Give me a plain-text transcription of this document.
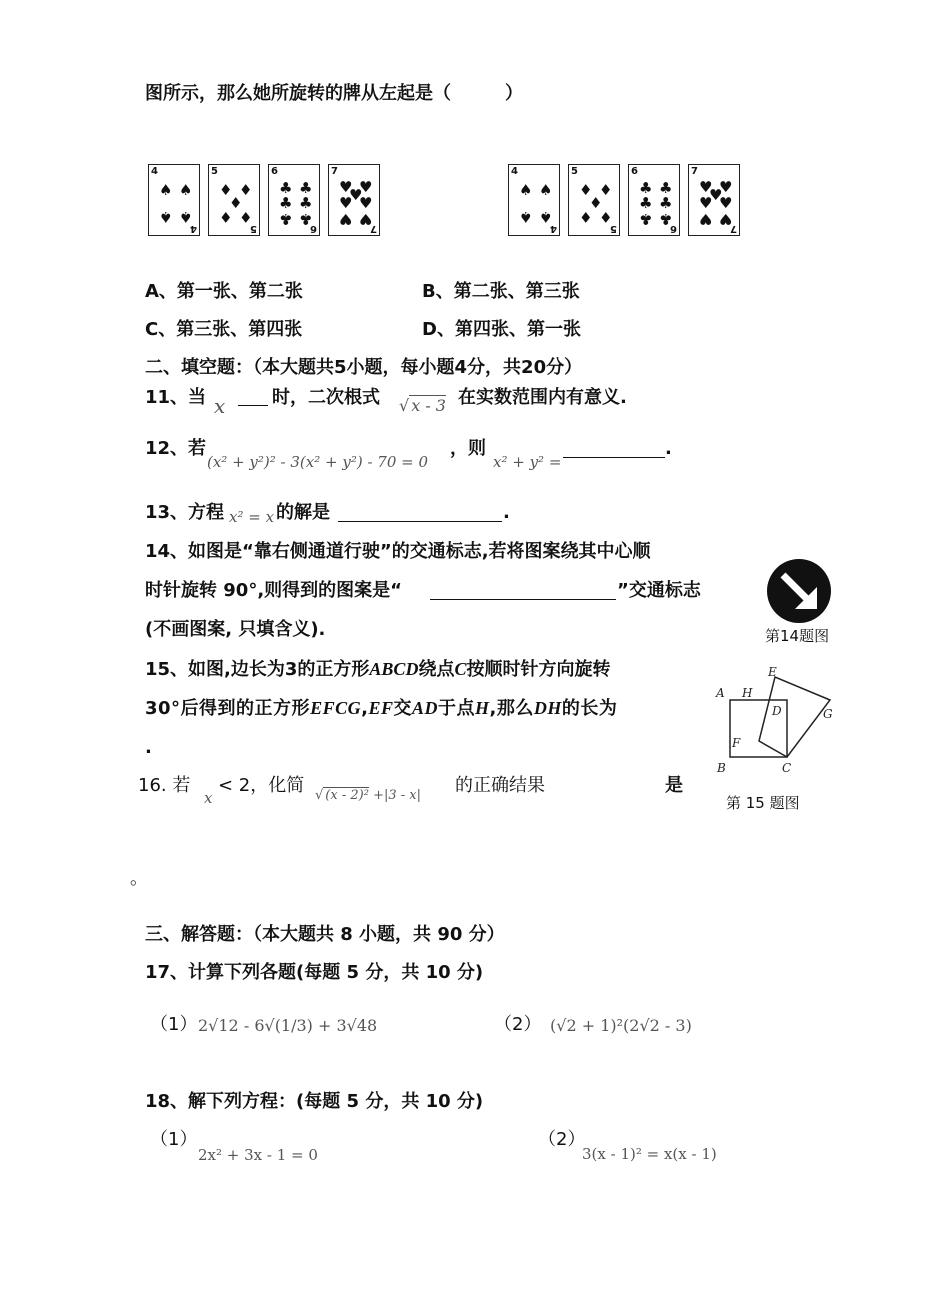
图所示，那么她所旋转的牌从左起是（　　　）
4
4
♠ ♠
♠ ♠
5
5
♦ ♦
♦
♦ ♦
6
6
♣ ♣
♣ ♣
♣ ♣
7
7
♥ ♥
♥
♥ ♥
♥ ♥
4
4
♠ ♠
♠ ♠
5
5
♦ ♦
♦
♦ ♦
6
6
♣ ♣
♣ ♣
♣ ♣
7
7
♥ ♥
♥
♥ ♥
♥ ♥
A、第一张、第二张	B、第二张、第三张
C、第三张、第四张	D、第四张、第一张
二、填空题：（本大题共5小题，每小题4分，共20分）
11、当 x	时，二次根式 √ x - 3 在实数范围内有意义.
12、若
(x² + y²)² - 3(x² + y²) - 70 = 0
，则
x² + y² =
.
13、方程 x² = x 的解是	.
14、如图是“靠右侧通道行驶”的交通标志,若将图案绕其中心顺
时针旋转 90°,则得到的图案是“	”交通标志
(不画图案, 只填含义).	第14题图
15、如图,边长为3的正方形ABCD绕点C按顺时针方向旋转
30°后得到的正方形EFCG,EF交AD于点H,那么DH的长为
.
A H
E
D	G
F
B	C
第 15 题图
16. 若
x
< 2，化简 √ (x - 2)² +|3 - x| 的正确结果	是
。
三、解答题：（本大题共 8 小题，共 90 分）
17、计算下列各题(每题 5 分，共 10 分)
（1） 2√12 - 6√(1/3) + 3√48	（2） (√2 + 1)²(2√2 - 3)
18、解下列方程：(每题 5 分，共 10 分)
（1）
2x² + 3x - 1 = 0
（2）
3(x - 1)² = x(x - 1)
